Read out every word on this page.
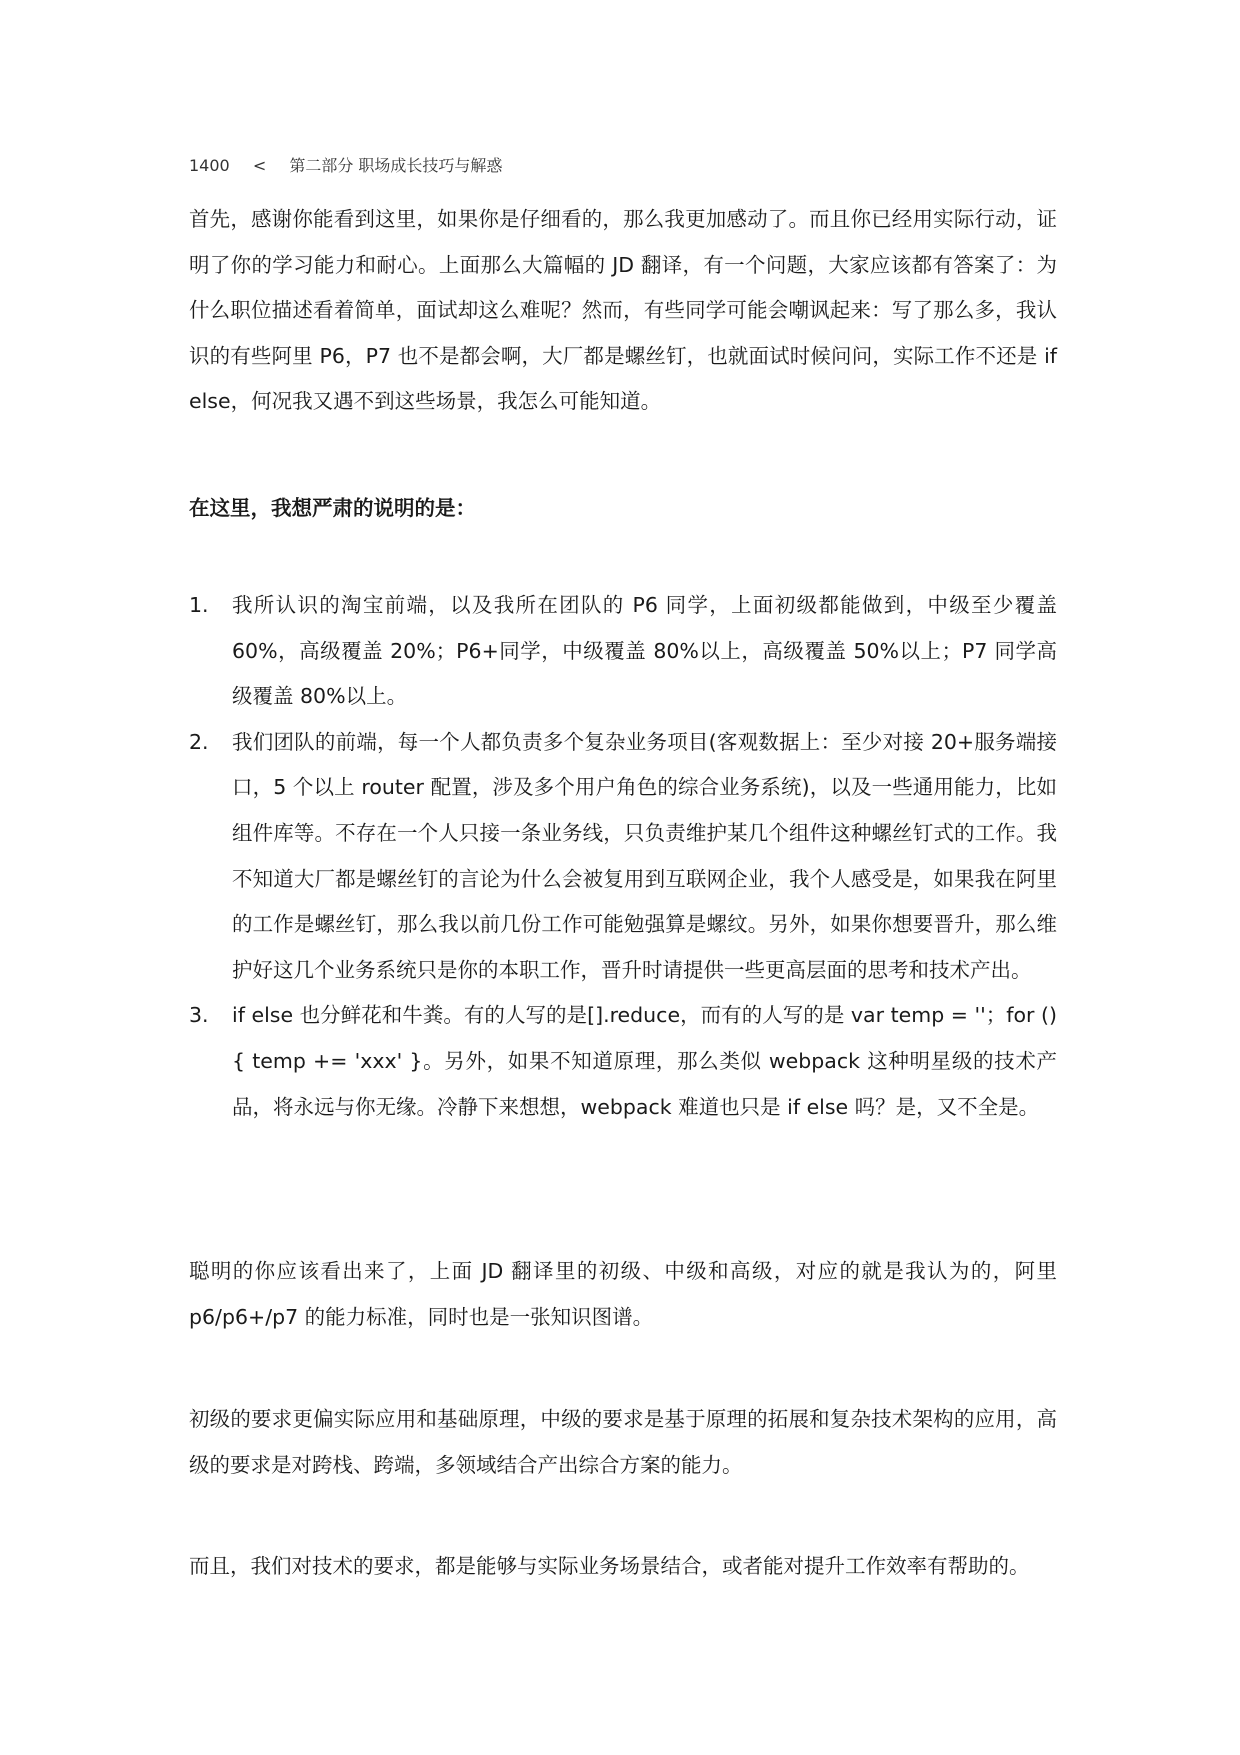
1400 < 第二部分 职场成长技巧与解惑

首先，感谢你能看到这里，如果你是仔细看的，那么我更加感动了。而且你已经用实际行动，证明了你的学习能力和耐心。上面那么大篇幅的 JD 翻译，有一个问题，大家应该都有答案了：为什么职位描述看着简单，面试却这么难呢？然而，有些同学可能会嘲讽起来：写了那么多，我认识的有些阿里 P6，P7 也不是都会啊，大厂都是螺丝钉，也就面试时候问问，实际工作不还是 if else，何况我又遇不到这些场景，我怎么可能知道。

在这里，我想严肃的说明的是：

1. 我所认识的淘宝前端，以及我所在团队的 P6 同学，上面初级都能做到，中级至少覆盖 60%，高级覆盖 20%；P6+同学，中级覆盖 80%以上，高级覆盖 50%以上；P7 同学高级覆盖 80%以上。
2. 我们团队的前端，每一个人都负责多个复杂业务项目(客观数据上：至少对接 20+服务端接口，5 个以上 router 配置，涉及多个用户角色的综合业务系统)，以及一些通用能力，比如组件库等。不存在一个人只接一条业务线，只负责维护某几个组件这种螺丝钉式的工作。我不知道大厂都是螺丝钉的言论为什么会被复用到互联网企业，我个人感受是，如果我在阿里的工作是螺丝钉，那么我以前几份工作可能勉强算是螺纹。另外，如果你想要晋升，那么维护好这几个业务系统只是你的本职工作，晋升时请提供一些更高层面的思考和技术产出。
3. if else 也分鲜花和牛粪。有的人写的是[].reduce，而有的人写的是 var temp = ''；for () { temp += 'xxx' }。另外，如果不知道原理，那么类似 webpack 这种明星级的技术产品，将永远与你无缘。冷静下来想想，webpack 难道也只是 if else 吗？是，又不全是。

聪明的你应该看出来了，上面 JD 翻译里的初级、中级和高级，对应的就是我认为的，阿里 p6/p6+/p7 的能力标准，同时也是一张知识图谱。

初级的要求更偏实际应用和基础原理，中级的要求是基于原理的拓展和复杂技术架构的应用，高级的要求是对跨栈、跨端，多领域结合产出综合方案的能力。

而且，我们对技术的要求，都是能够与实际业务场景结合，或者能对提升工作效率有帮助的。
